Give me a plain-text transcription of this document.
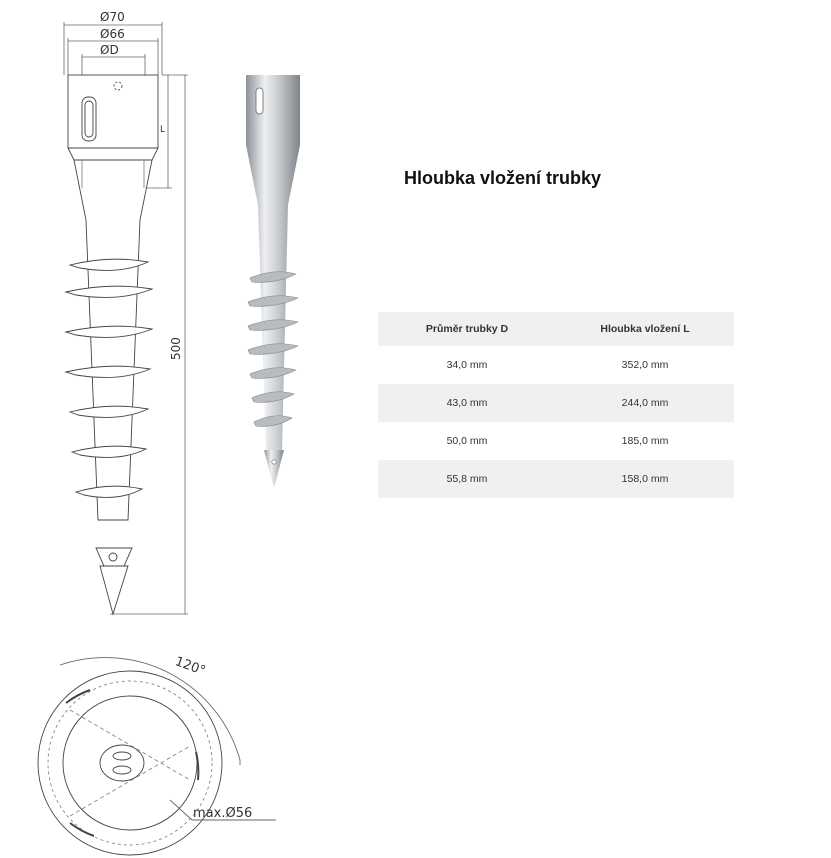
Ø70
Ø66
ØD
L
500
120°
max.Ø56
Hloubka vložení trubky
Průměr trubky D	Hloubka vložení L
34,0 mm	352,0 mm
43,0 mm	244,0 mm
50,0 mm	185,0 mm
55,8 mm	158,0 mm
